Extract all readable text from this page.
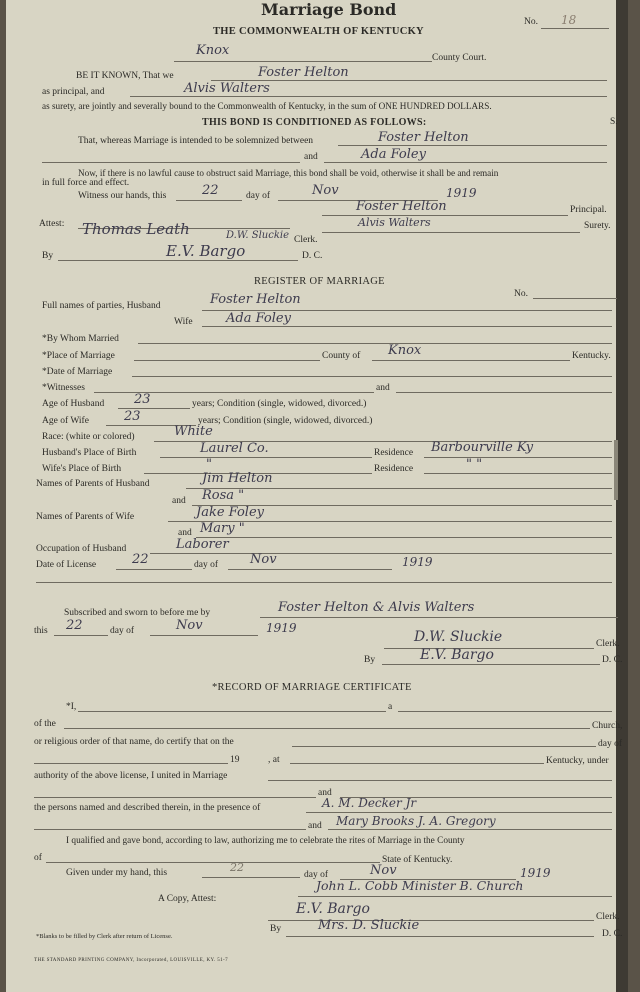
Marriage Bond
THE COMMONWEALTH OF KENTUCKY
No. 18
Knox	County Court.
BE IT KNOWN, That we	Foster Helton
as principal, and	Alvis Walters
as surety, are jointly and severally bound to the Commonwealth of Kentucky, in the sum of ONE HUNDRED DOLLARS.
THIS BOND IS CONDITIONED AS FOLLOWS:	S.
That, whereas Marriage is intended to be solemnized between	Foster Helton
and	Ada Foley
Now, if there is no lawful cause to obstruct said Marriage, this bond shall be void, otherwise it shall be and remain
in full force and effect.
Witness our hands, this	22	day of	Nov	1919
Attest: Thomas Leath
Foster Helton	Principal.
Alvis Walters	Surety.
Clerk.
D.W. Sluckie
By	E.V. Bargo	D. C.
REGISTER OF MARRIAGE
No.
Full names of parties, Husband	Foster Helton
Wife	Ada Foley
*By Whom Married
*Place of Marriage	County of Knox	Kentucky.
*Date of Marriage
*Witnesses	and
Age of Husband 23	years; Condition (single, widowed, divorced.)
Age of Wife	23	years; Condition (single, widowed, divorced.)
Race: (white or colored)	White
Husband's Place of Birth	Laurel Co.	Residence Barbourville Ky
Wife's Place of Birth	"	Residence	" "
Names of Parents of Husband	Jim Helton
and Rosa "
Names of Parents of Wife	Jake Foley
and Mary "
Occupation of Husband	Laborer
Date of License	22	day of Nov	1919
Subscribed and sworn to before me by	Foster Helton & Alvis Walters
this 22	day of	Nov	1919
D.W. Sluckie	Clerk.
By	E.V. Bargo	D. C.
*RECORD OF MARRIAGE CERTIFICATE
*I,	a
of the	Church,
or religious order of that name, do certify that on the	day of
19	, at	Kentucky, under
authority of the above license, I united in Marriage
and
the persons named and described therein, in the presence of	A. M. Decker Jr
and Mary Brooks J. A. Gregory
I qualified and gave bond, according to law, authorizing me to celebrate the rites of Marriage in the County
of	State of Kentucky.
Given under my hand, this	22
day of	Nov	1919
John L. Cobb Minister B. Church
A Copy, Attest:
E.V. Bargo	Clerk.
By	Mrs. D. Sluckie
D. C.
*Blanks to be filled by Clerk after return of License.
THE STANDARD PRINTING COMPANY, Incorporated, LOUISVILLE, KY. 51-7
